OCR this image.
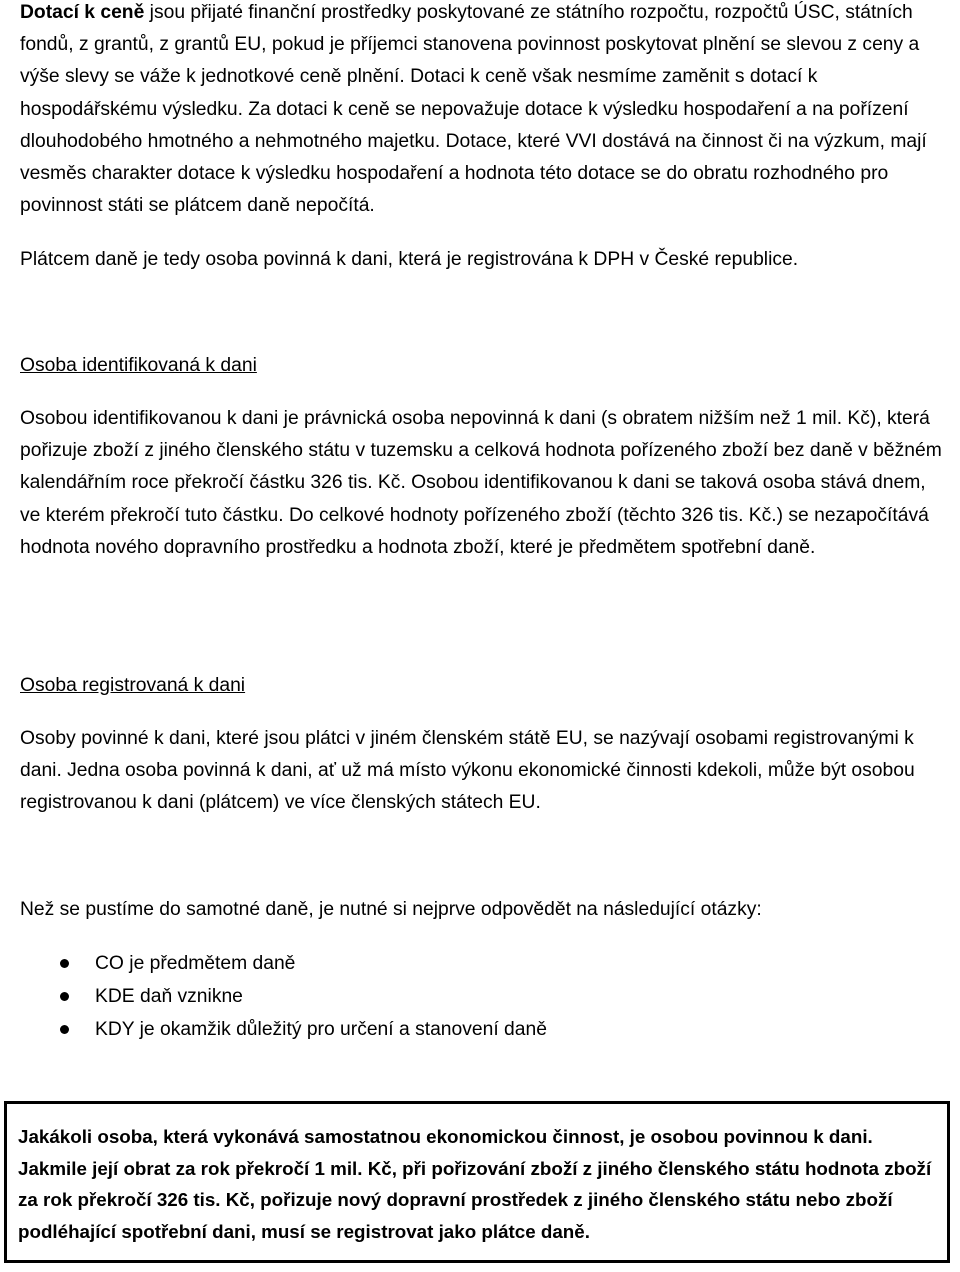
Dotací k ceně jsou přijaté finanční prostředky poskytované ze státního rozpočtu, rozpočtů ÚSC, státních fondů, z grantů, z grantů EU, pokud je příjemci stanovena povinnost poskytovat plnění se slevou z ceny a výše slevy se váže k jednotkové ceně plnění. Dotaci k ceně však nesmíme zaměnit s dotací k hospodářskému výsledku. Za dotaci k ceně se nepovažuje dotace k výsledku hospodaření a na pořízení dlouhodobého hmotného a nehmotného majetku. Dotace, které VVI dostává na činnost či na výzkum, mají vesměs charakter dotace k výsledku hospodaření a hodnota této dotace se do obratu rozhodného pro povinnost státi se plátcem daně nepočítá.

Plátcem daně je tedy osoba povinná k dani, která je registrována k DPH v České republice.

Osoba identifikovaná k dani

Osobou identifikovanou k dani je právnická osoba nepovinná k dani (s obratem nižším než 1 mil. Kč), která pořizuje zboží z jiného členského státu v tuzemsku a celková hodnota pořízeného zboží bez daně v běžném kalendářním roce překročí částku 326 tis. Kč. Osobou identifikovanou k dani se taková osoba stává dnem, ve kterém překročí tuto částku. Do celkové hodnoty pořízeného zboží (těchto 326 tis. Kč.) se nezapočítává hodnota nového dopravního prostředku a hodnota zboží, které je předmětem spotřební daně.

Osoba registrovaná k dani

Osoby povinné k dani, které jsou plátci v jiném členském státě EU, se nazývají osobami registrovanými k dani. Jedna osoba povinná k dani, ať už má místo výkonu ekonomické činnosti kdekoli, může být osobou registrovanou k dani (plátcem) ve více členských státech EU.

Než se pustíme do samotné daně, je nutné si nejprve odpovědět na následující otázky:

CO je předmětem daně
KDE daň vznikne
KDY je okamžik důležitý pro určení a stanovení daně

Jakákoli osoba, která vykonává samostatnou ekonomickou činnost, je osobou povinnou k dani. Jakmile její obrat za rok překročí 1 mil. Kč, při pořizování zboží z jiného členského státu hodnota zboží za rok překročí 326 tis. Kč, pořizuje nový dopravní prostředek z jiného členského státu nebo zboží podléhající spotřební dani, musí se registrovat jako plátce daně.
